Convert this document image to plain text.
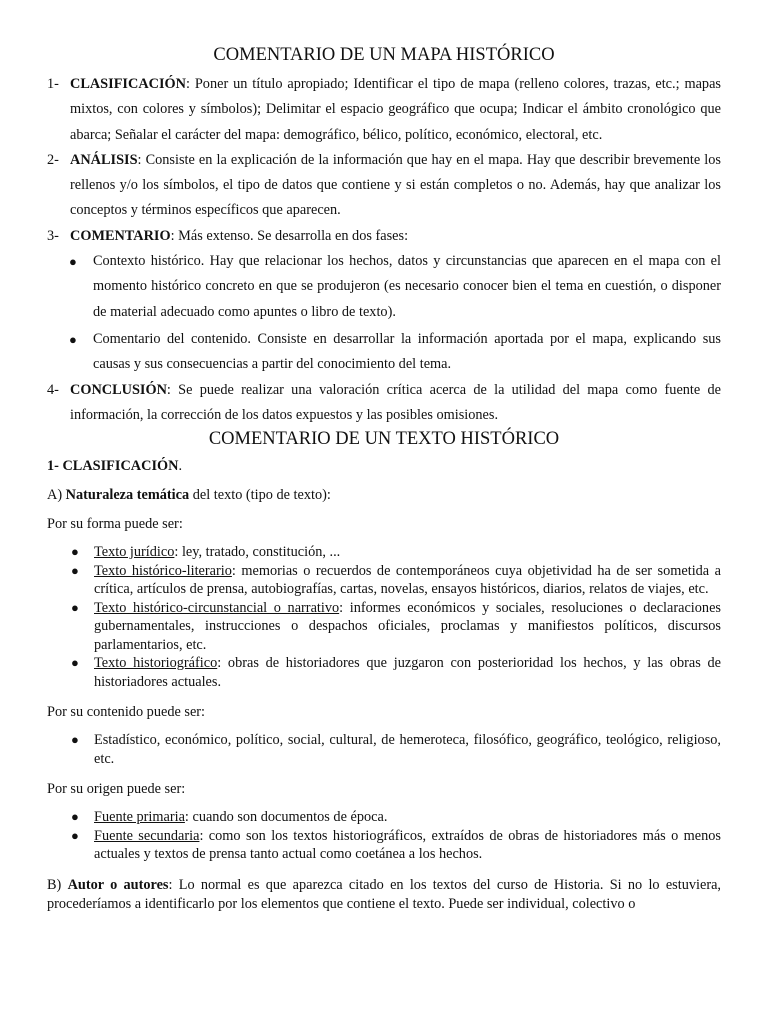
COMENTARIO DE UN MAPA HISTÓRICO
1- CLASIFICACIÓN: Poner un título apropiado; Identificar el tipo de mapa (relleno colores, trazas, etc.; mapas mixtos, con colores y símbolos); Delimitar el espacio geográfico que ocupa; Indicar el ámbito cronológico que abarca; Señalar el carácter del mapa: demográfico, bélico, político, económico, electoral, etc.
2- ANÁLISIS: Consiste en la explicación de la información que hay en el mapa. Hay que describir brevemente los rellenos y/o los símbolos, el tipo de datos que contiene y si están completos o no. Además, hay que analizar los conceptos y términos específicos que aparecen.
3- COMENTARIO: Más extenso. Se desarrolla en dos fases:
●	Contexto histórico. Hay que relacionar los hechos, datos y circunstancias que aparecen en el mapa con el momento histórico concreto en que se produjeron (es necesario conocer bien el tema en cuestión, o disponer de material adecuado como apuntes o libro de texto).
●	Comentario del contenido. Consiste en desarrollar la información aportada por el mapa, explicando sus causas y sus consecuencias a partir del conocimiento del tema.
4- CONCLUSIÓN: Se puede realizar una valoración crítica acerca de la utilidad del mapa como fuente de información, la corrección de los datos expuestos y las posibles omisiones.
COMENTARIO DE UN TEXTO HISTÓRICO

1- CLASIFICACIÓN.

A) Naturaleza temática del texto (tipo de texto):

Por su forma puede ser:

●	Texto jurídico: ley, tratado, constitución, ...
●	Texto histórico-literario: memorias o recuerdos de contemporáneos cuya objetividad ha de ser sometida a crítica, artículos de prensa, autobiografías, cartas, novelas, ensayos históricos, diarios, relatos de viajes, etc.
●	Texto histórico-circunstancial o narrativo: informes económicos y sociales, resoluciones o declaraciones gubernamentales, instrucciones o despachos oficiales, proclamas y manifiestos políticos, discursos parlamentarios, etc.
●	Texto historiográfico: obras de historiadores que juzgaron con posterioridad los hechos, y las obras de historiadores actuales.

Por su contenido puede ser:

●	Estadístico, económico, político, social, cultural, de hemeroteca, filosófico, geográfico, teológico, religioso, etc.

Por su origen puede ser:

●	Fuente primaria: cuando son documentos de época.
●	Fuente secundaria: como son los textos historiográficos, extraídos de obras de historiadores más o menos actuales y textos de prensa tanto actual como coetánea a los hechos.

B) Autor o autores: Lo normal es que aparezca citado en los textos del curso de Historia. Si no lo estuviera, procederíamos a identificarlo por los elementos que contiene el texto. Puede ser individual, colectivo o
